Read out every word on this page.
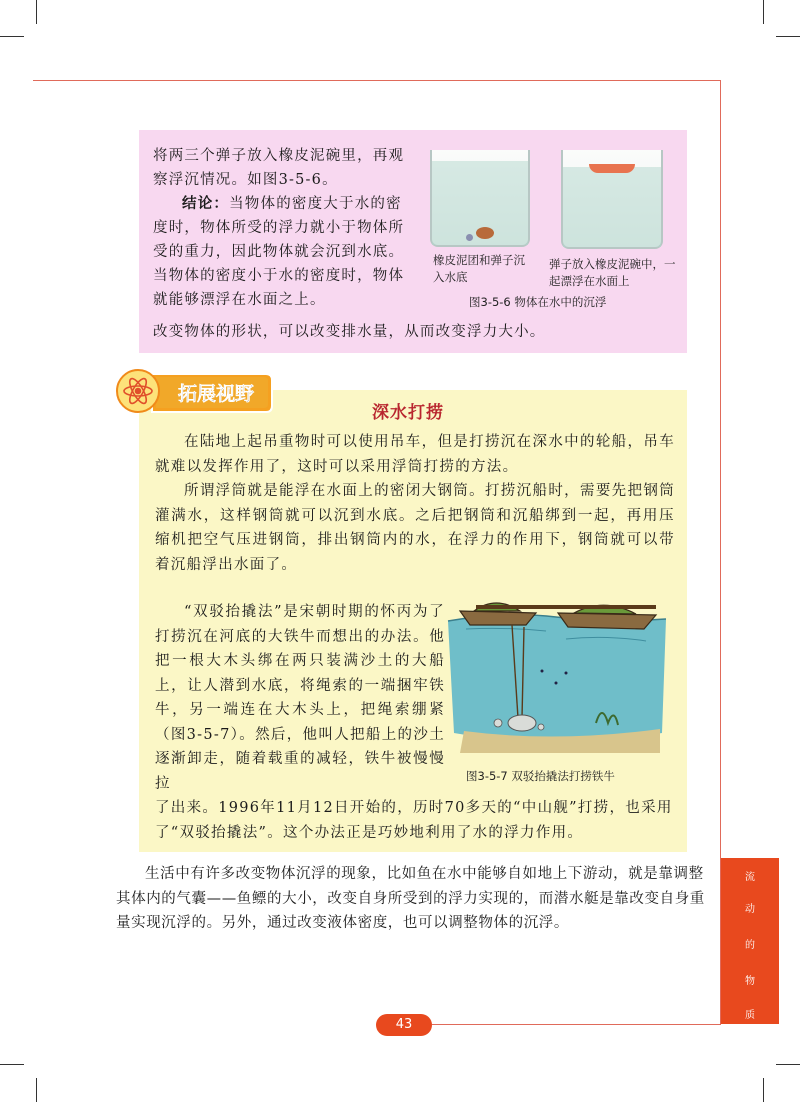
将两三个弹子放入橡皮泥碗里，再观察浮沉情况。如图3-5-6。

结论：当物体的密度大于水的密度时，物体所受的浮力就小于物体所受的重力，因此物体就会沉到水底。当物体的密度小于水的密度时，物体就能够漂浮在水面之上。

改变物体的形状，可以改变排水量，从而改变浮力大小。
橡皮泥团和弹子沉入水底
弹子放入橡皮泥碗中，一起漂浮在水面上
图3-5-6 物体在水中的沉浮
拓展视野
深水打捞

在陆地上起吊重物时可以使用吊车，但是打捞沉在深水中的轮船，吊车就难以发挥作用了，这时可以采用浮筒打捞的方法。

所谓浮筒就是能浮在水面上的密闭大钢筒。打捞沉船时，需要先把钢筒灌满水，这样钢筒就可以沉到水底。之后把钢筒和沉船绑到一起，再用压缩机把空气压进钢筒，排出钢筒内的水，在浮力的作用下，钢筒就可以带着沉船浮出水面了。

“双驳抬撬法”是宋朝时期的怀丙为了打捞沉在河底的大铁牛而想出的办法。他把一根大木头绑在两只装满沙土的大船上，让人潜到水底，将绳索的一端捆牢铁牛，另一端连在大木头上，把绳索绷紧（图3-5-7）。然后，他叫人把船上的沙土逐渐卸走，随着载重的减轻，铁牛被慢慢拉	图3-5-7 双驳抬撬法打捞铁牛

了出来。1996年11月12日开始的，历时70多天的“中山舰”打捞，也采用了“双驳抬撬法”。这个办法正是巧妙地利用了水的浮力作用。

生活中有许多改变物体沉浮的现象，比如鱼在水中能够自如地上下游动，就是靠调整其体内的气囊——鱼鳔的大小，改变自身所受到的浮力实现的，而潜水艇是靠改变自身重量实现沉浮的。另外，通过改变液体密度，也可以调整物体的沉浮。

流
动
的
物
质
43
